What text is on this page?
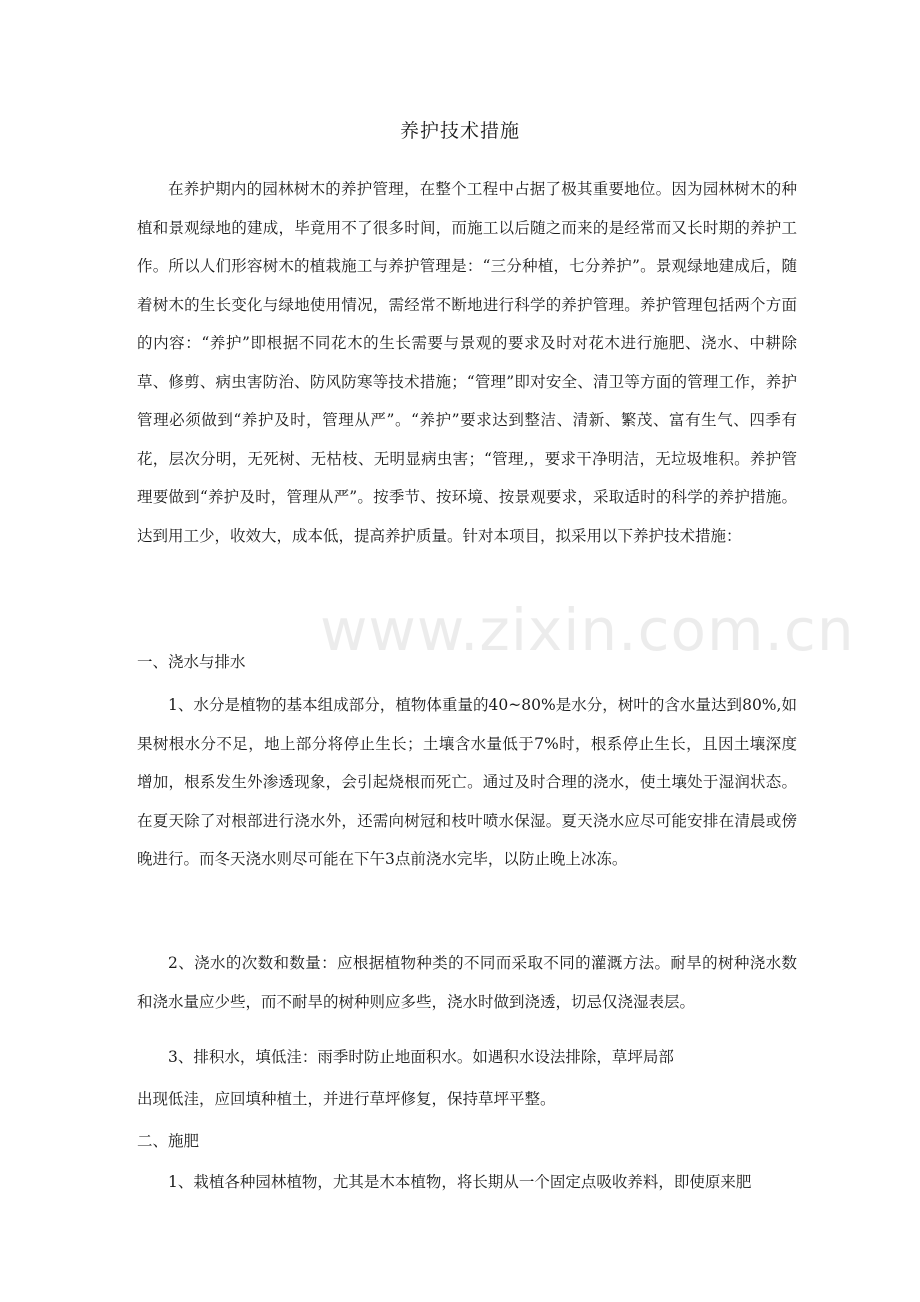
养护技术措施

在养护期内的园林树木的养护管理，在整个工程中占据了极其重要地位。因为园林树木的种植和景观绿地的建成，毕竟用不了很多时间，而施工以后随之而来的是经常而又长时期的养护工作。所以人们形容树木的植栽施工与养护管理是：“三分种植，七分养护”。景观绿地建成后，随着树木的生长变化与绿地使用情况，需经常不断地进行科学的养护管理。养护管理包括两个方面的内容：“养护”即根据不同花木的生长需要与景观的要求及时对花木进行施肥、浇水、中耕除草、修剪、病虫害防治、防风防寒等技术措施；“管理”即对安全、清卫等方面的管理工作，养护管理必须做到“养护及时，管理从严”。“养护”要求达到整洁、清新、繁茂、富有生气、四季有花，层次分明，无死树、无枯枝、无明显病虫害；“管理,，要求干净明洁，无垃圾堆积。养护管理要做到“养护及时，管理从严”。按季节、按环境、按景观要求，采取适时的科学的养护措施。达到用工少，收效大，成本低，提高养护质量。针对本项目，拟采用以下养护技术措施：

一、浇水与排水

1、水分是植物的基本组成部分，植物体重量的40~80%是水分，树叶的含水量达到80%,如果树根水分不足，地上部分将停止生长；土壤含水量低于7%时，根系停止生长，且因土壤深度增加，根系发生外渗透现象，会引起烧根而死亡。通过及时合理的浇水，使土壤处于湿润状态。在夏天除了对根部进行浇水外，还需向树冠和枝叶喷水保湿。夏天浇水应尽可能安排在清晨或傍晚进行。而冬天浇水则尽可能在下午3点前浇水完毕，以防止晚上冰冻。

2、浇水的次数和数量：应根据植物种类的不同而采取不同的灌溉方法。耐旱的树种浇水数和浇水量应少些，而不耐旱的树种则应多些，浇水时做到浇透，切忌仅浇湿表层。

3、排积水，填低洼：雨季时防止地面积水。如遇积水设法排除，草坪局部

出现低洼，应回填种植土，并进行草坪修复，保持草坪平整。

二、施肥

1、栽植各种园林植物，尤其是木本植物，将长期从一个固定点吸收养料，即使原来肥

www.zixin.com.cn
